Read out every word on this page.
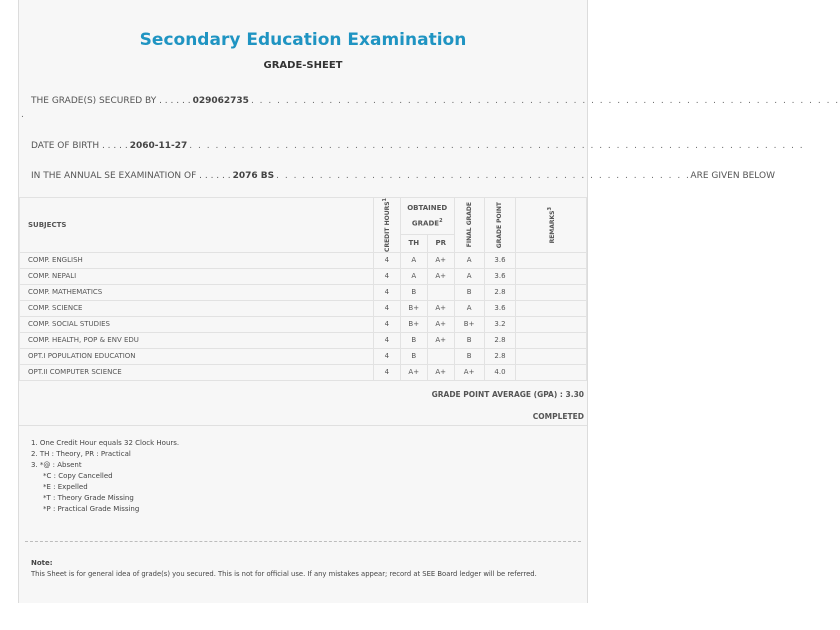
Secondary Education Examination
GRADE-SHEET
THE GRADE(S) SECURED BY . . . . . . 029062735 . . . . . . . . . . . . . . . . . . . . . . . . . . . . . . . . . . . . . . . . . . . . . . . . . . . . . . . . . . . . . . . . . . . .
.
DATE OF BIRTH . . . . . 2060-11-27 . . . . . . . . . . . . . . . . . . . . . . . . . . . . . . . . . . . . . . . . . . . . . . . . . . . . . . . . . . . . . . . . . . . . . . .
IN THE ANNUAL SE EXAMINATION OF . . . . . . 2076 BS . . . . . . . . . . . . . . . . . . . . . . . . . . . . . . . . . . . . . . . . . . . . . . . . ARE GIVEN BELOW
SUBJECTS	CREDIT HOURS$^1$	OBTAINED GRADE$^2$		FINAL GRADE	GRADE POINT	REMARKS$^3$

		TH	PR			
COMP. ENGLISH	4	A	A+	A	3.6	
COMP. NEPALI	4	A	A+	A	3.6	
COMP. MATHEMATICS	4	B		B	2.8	
COMP. SCIENCE	4	B+	A+	A	3.6	
COMP. SOCIAL STUDIES	4	B+	A+	B+	3.2	
COMP. HEALTH, POP & ENV EDU	4	B	A+	B	2.8	
OPT.I POPULATION EDUCATION	4	B		B	2.8	
OPT.II COMPUTER SCIENCE	4	A+	A+	A+	4.0	
GRADE POINT AVERAGE (GPA) : 3.30
COMPLETED
1. One Credit Hour equals 32 Clock Hours.
2. TH : Theory, PR : Practical
3. *@ : Absent
*C : Copy Cancelled
*E : Expelled
*T : Theory Grade Missing
*P : Practical Grade Missing
Note:
This Sheet is for general idea of grade(s) you secured. This is not for official use. If any mistakes appear; record at SEE Board ledger will be referred.
